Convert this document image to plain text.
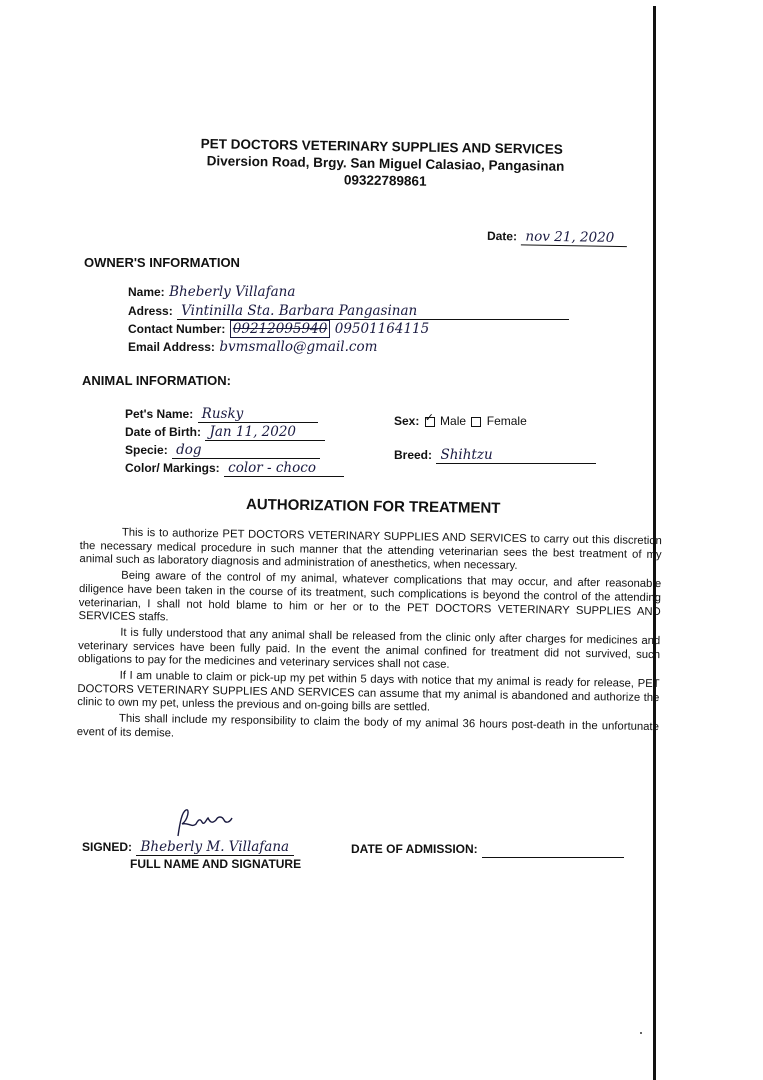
PET DOCTORS VETERINARY SUPPLIES AND SERVICES
Diversion Road, Brgy. San Miguel Calasiao, Pangasinan
09322789861
Date: nov 21, 2020
OWNER'S INFORMATION
Name: Bheberly Villafana
Adress: Vintinilla Sta. Barbara Pangasinan
Contact Number: 09212095940 09501164115
Email Address: bvmsmallo@gmail.com
ANIMAL INFORMATION:
Pet's Name: Rusky
Date of Birth: Jan 11, 2020
Specie: dog
Color/ Markings: color - choco
Sex: ✓ Male Female
Breed: Shihtzu
AUTHORIZATION FOR TREATMENT

This is to authorize PET DOCTORS VETERINARY SUPPLIES AND SERVICES to carry out this discretion the necessary medical procedure in such manner that the attending veterinarian sees the best treatment of my animal such as laboratory diagnosis and administration of anesthetics, when necessary.

Being aware of the control of my animal, whatever complications that may occur, and after reasonable diligence have been taken in the course of its treatment, such complications is beyond the control of the attending veterinarian, I shall not hold blame to him or her or to the PET DOCTORS VETERINARY SUPPLIES AND SERVICES staffs.

It is fully understood that any animal shall be released from the clinic only after charges for medicines and veterinary services have been fully paid. In the event the animal confined for treatment did not survived, such obligations to pay for the medicines and veterinary services shall not case.

If I am unable to claim or pick-up my pet within 5 days with notice that my animal is ready for release, PET DOCTORS VETERINARY SUPPLIES AND SERVICES can assume that my animal is abandoned and authorize the clinic to own my pet, unless the previous and on-going bills are settled.

This shall include my responsibility to claim the body of my animal 36 hours post-death in the unfortunate event of its demise.

SIGNED: Bheberly M. Villafana
FULL NAME AND SIGNATURE
DATE OF ADMISSION:
